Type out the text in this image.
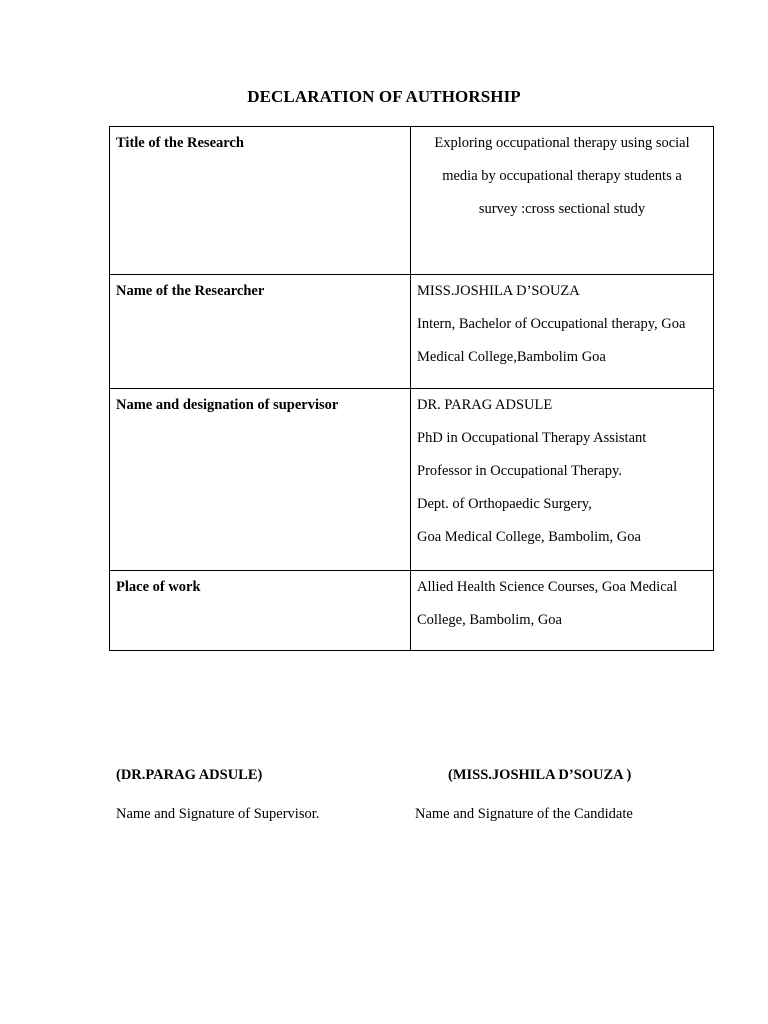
DECLARATION OF AUTHORSHIP
Title of the Research	Exploring occupational therapy using social
media by occupational therapy students a
survey :cross sectional study

Name of the Researcher	MISS.JOSHILA D’SOUZA
Intern, Bachelor of Occupational therapy, Goa
Medical College,Bambolim Goa

Name and designation of supervisor	DR. PARAG ADSULE
PhD in Occupational Therapy Assistant
Professor in Occupational Therapy.
Dept. of Orthopaedic Surgery,
Goa Medical College, Bambolim, Goa

Place of work	Allied Health Science Courses, Goa Medical
College, Bambolim, Goa
(DR.PARAG ADSULE)	(MISS.JOSHILA D’SOUZA )
Name and Signature of Supervisor.	Name and Signature of the Candidate
